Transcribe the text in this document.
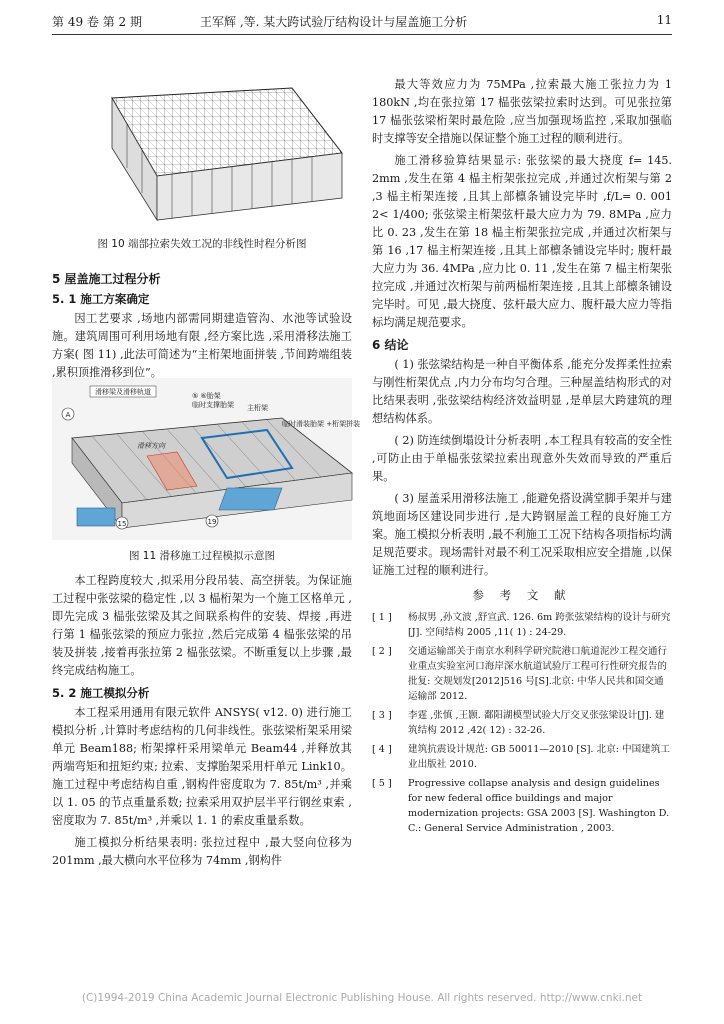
第 49 卷 第 2 期	王军辉 ,等. 某大跨试验厅结构设计与屋盖施工分析	11
图 10 端部拉索失效工况的非线性时程分析图
滑移梁及滑移轨道	⑤ ⑥胎架
临时支撑胎架 主桁架
临时滑装胎架 +桁架拼装
滑移方向
A
15	19
图 11 滑移施工过程模拟示意图
5 屋盖施工过程分析
5. 1 施工方案确定

因工艺要求 ,场地内部需同期建造管沟、水池等试验设施。建筑周围可利用场地有限 ,经方案比选 ,采用滑移法施工方案( 图 11) ,此法可简述为“主桁架地面拼装 ,节间跨端组装 ,累积顶推滑移到位”。

本工程跨度较大 ,拟采用分段吊装、高空拼装。为保证施工过程中张弦梁的稳定性 ,以 3 榀桁架为一个施工区格单元 ,即先完成 3 榀张弦梁及其之间联系构件的安装、焊接 ,再进行第 1 榀张弦梁的预应力张拉 ,然后完成第 4 榀张弦梁的吊装及拼装 ,接着再张拉第 2 榀张弦梁。不断重复以上步骤 ,最终完成结构施工。

5. 2 施工模拟分析

本工程采用通用有限元软件 ANSYS( v12. 0) 进行施工模拟分析 ,计算时考虑结构的几何非线性。张弦梁桁架采用梁单元 Beam188; 桁架撑杆采用梁单元 Beam44 ,并释放其两端弯矩和扭矩约束; 拉索、支撑胎架采用杆单元 Link10。施工过程中考虑结构自重 ,钢构件密度取为 7. 85t/m³ ,并乘以 1. 05 的节点重量系数; 拉索采用双护层半平行钢丝束索 ,密度取为 7. 85t/m³ ,并乘以 1. 1 的索皮重量系数。

施工模拟分析结果表明: 张拉过程中 ,最大竖向位移为 201mm ,最大横向水平位移为 74mm ,钢构件

最大等效应力为 75MPa ,拉索最大施工张拉力为 1 180kN ,均在张拉第 17 榀张弦梁拉索时达到。可见张拉第 17 榀张弦梁桁架时最危险 ,应当加强现场监控 ,采取加强临时支撑等安全措施以保证整个施工过程的顺利进行。

施工滑移验算结果显示: 张弦梁的最大挠度 f= 145. 2mm ,发生在第 4 榀主桁架张拉完成 ,并通过次桁架与第 2 ,3 榀主桁架连接 ,且其上部檩条铺设完毕时 ,f/L= 0. 001 2< 1/400; 张弦梁主桁架弦杆最大应力为 79. 8MPa ,应力比 0. 23 ,发生在第 18 榀主桁架张拉完成 ,并通过次桁架与第 16 ,17 榀主桁架连接 ,且其上部檩条铺设完毕时; 腹杆最大应力为 36. 4MPa ,应力比 0. 11 ,发生在第 7 榀主桁架张拉完成 ,并通过次桁架与前两榀桁架连接 ,且其上部檩条铺设完毕时。可见 ,最大挠度、弦杆最大应力、腹杆最大应力等指标均满足规范要求。

6 结论

( 1) 张弦梁结构是一种自平衡体系 ,能充分发挥柔性拉索与刚性桁架优点 ,内力分布均匀合理。三种屋盖结构形式的对比结果表明 ,张弦梁结构经济效益明显 ,是单层大跨建筑的理想结构体系。

( 2) 防连续倒塌设计分析表明 ,本工程具有较高的安全性 ,可防止由于单榀张弦梁拉索出现意外失效而导致的严重后果。

( 3) 屋盖采用滑移法施工 ,能避免搭设满堂脚手架并与建筑地面场区建设同步进行 ,是大跨钢屋盖工程的良好施工方案。施工模拟分析表明 ,最不利施工工况下结构各项指标均满足规范要求。现场需针对最不利工况采取相应安全措施 ,以保证施工过程的顺利进行。

参 考 文 献
[ 1 ] 杨叔男 ,孙文波 ,舒宣武. 126. 6m 跨张弦梁结构的设计与研究[J]. 空间结构 2005 ,11( 1) : 24-29.
[ 2 ] 交通运输部关于南京水利科学研究院港口航道泥沙工程交通行业重点实验室河口海岸深水航道试验厅工程可行性研究报告的批复: 交规划发[2012]516 号[S].北京: 中华人民共和国交通运输部 2012.
[ 3 ] 李霆 ,张慎 ,王颢. 鄱阳湖模型试验大厅交叉张弦梁设计[J]. 建筑结构 2012 ,42( 12) : 32-26.
[ 4 ] 建筑抗震设计规范: GB 50011—2010 [S]. 北京: 中国建筑工业出版社 2010.
[ 5 ] Progressive collapse analysis and design guidelines for new federal office buildings and major modernization projects: GSA 2003 [S]. Washington D. C.: General Service Administration , 2003.
(C)1994-2019 China Academic Journal Electronic Publishing House. All rights reserved. http://www.cnki.net
